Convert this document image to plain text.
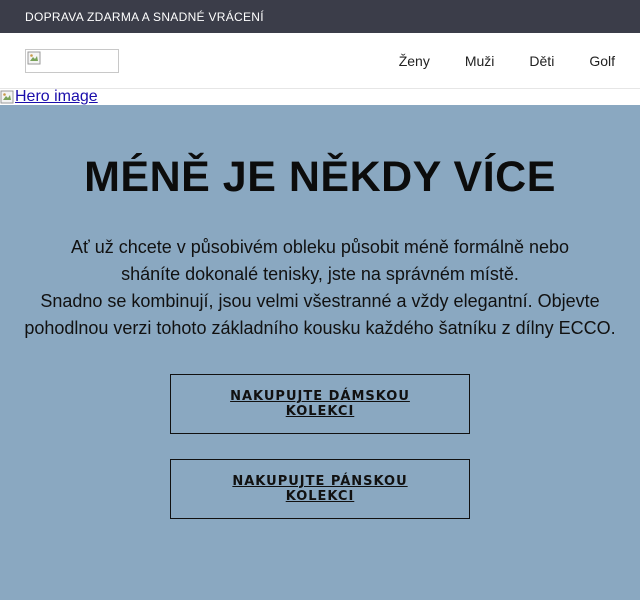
DOPRAVA ZDARMA A SNADNÉ VRÁCENÍ
Ženy	Muži	Děti	Golf
Hero image
MÉNĚ JE NĚKDY VÍCE

Ať už chcete v působivém obleku působit méně formálně nebo sháníte dokonalé tenisky, jste na správném místě.

Snadno se kombinují, jsou velmi všestranné a vždy elegantní. Objevte pohodlnou verzi tohoto základního kousku každého šatníku z dílny ECCO.

NAKUPUJTE DÁMSKOU KOLEKCI
NAKUPUJTE PÁNSKOU KOLEKCI
